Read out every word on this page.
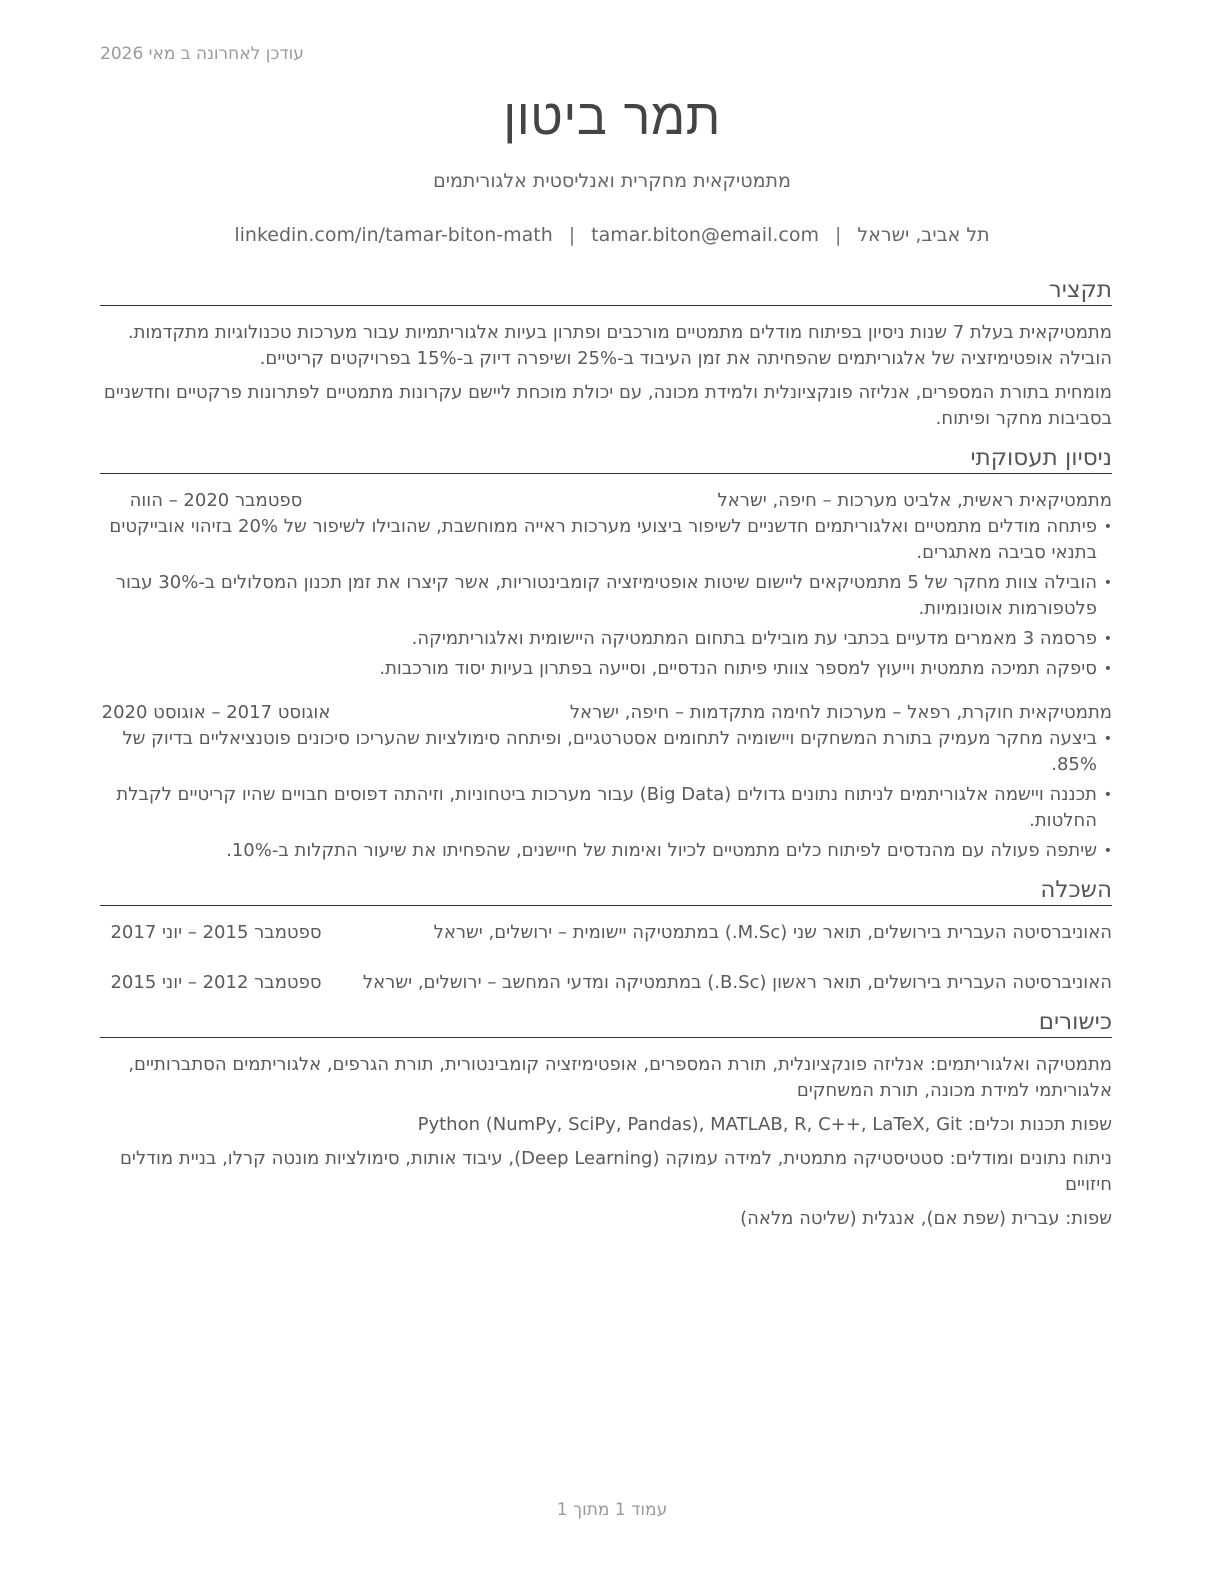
עודכן לאחרונה ב מאי 2026
תמר ביטון
מתמטיקאית מחקרית ואנליסטית אלגוריתמים
תל אביב, ישראל|tamar.biton@email.com|linkedin.com/in/tamar-biton-math
תקציר

מתמטיקאית בעלת 7 שנות ניסיון בפיתוח מודלים מתמטיים מורכבים ופתרון בעיות אלגוריתמיות עבור מערכות טכנולוגיות מתקדמות. הובילה אופטימיזציה של אלגוריתמים שהפחיתה את זמן העיבוד ב-25% ושיפרה דיוק ב-15% בפרויקטים קריטיים.

מומחית בתורת המספרים, אנליזה פונקציונלית ולמידת מכונה, עם יכולת מוכחת ליישם עקרונות מתמטיים לפתרונות פרקטיים וחדשניים בסביבות מחקר ופיתוח.

ניסיון תעסוקתי
מתמטיקאית ראשית, אלביט מערכות – חיפה, ישראל
ספטמבר 2020 – הווה
• פיתחה מודלים מתמטיים ואלגוריתמים חדשניים לשיפור ביצועי מערכות ראייה ממוחשבת, שהובילו לשיפור של 20% בזיהוי אובייקטים בתנאי סביבה מאתגרים.
• הובילה צוות מחקר של 5 מתמטיקאים ליישום שיטות אופטימיזציה קומבינטוריות, אשר קיצרו את זמן תכנון המסלולים ב-30% עבור פלטפורמות אוטונומיות.
• פרסמה 3 מאמרים מדעיים בכתבי עת מובילים בתחום המתמטיקה היישומית ואלגוריתמיקה.
• סיפקה תמיכה מתמטית וייעוץ למספר צוותי פיתוח הנדסיים, וסייעה בפתרון בעיות יסוד מורכבות.
מתמטיקאית חוקרת, רפאל – מערכות לחימה מתקדמות – חיפה, ישראל
אוגוסט 2017 – אוגוסט 2020
• ביצעה מחקר מעמיק בתורת המשחקים ויישומיה לתחומים אסטרטגיים, ופיתחה סימולציות שהעריכו סיכונים פוטנציאליים בדיוק של 85%.
• תכננה ויישמה אלגוריתמים לניתוח נתונים גדולים (Big Data) עבור מערכות ביטחוניות, וזיהתה דפוסים חבויים שהיו קריטיים לקבלת החלטות.
• שיתפה פעולה עם מהנדסים לפיתוח כלים מתמטיים לכיול ואימות של חיישנים, שהפחיתו את שיעור התקלות ב-10%.
השכלה
האוניברסיטה העברית בירושלים, תואר שני (M.Sc.) במתמטיקה יישומית – ירושלים, ישראל
ספטמבר 2015 – יוני 2017
האוניברסיטה העברית בירושלים, תואר ראשון (B.Sc.) במתמטיקה ומדעי המחשב – ירושלים, ישראל
ספטמבר 2012 – יוני 2015
כישורים

מתמטיקה ואלגוריתמים: אנליזה פונקציונלית, תורת המספרים, אופטימיזציה קומבינטורית, תורת הגרפים, אלגוריתמים הסתברותיים, אלגוריתמי למידת מכונה, תורת המשחקים

שפות תכנות וכלים: Python (NumPy, SciPy, Pandas), MATLAB, R, C++, LaTeX, Git

ניתוח נתונים ומודלים: סטטיסטיקה מתמטית, למידה עמוקה (Deep Learning), עיבוד אותות, סימולציות מונטה קרלו, בניית מודלים חיזויים

שפות: עברית (שפת אם), אנגלית (שליטה מלאה)

עמוד 1 מתוך 1
